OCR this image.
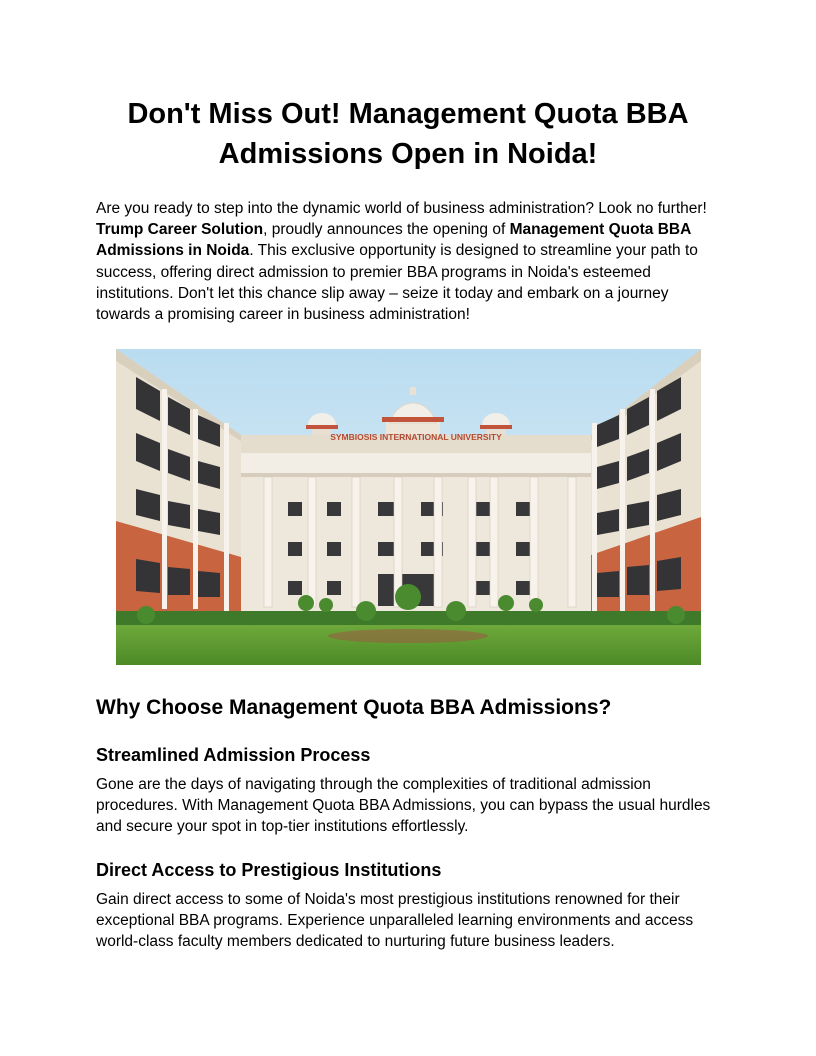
Don't Miss Out! Management Quota BBA Admissions Open in Noida!

Are you ready to step into the dynamic world of business administration? Look no further! Trump Career Solution, proudly announces the opening of Management Quota BBA Admissions in Noida. This exclusive opportunity is designed to streamline your path to success, offering direct admission to premier BBA programs in Noida's esteemed institutions. Don't let this chance slip away – seize it today and embark on a journey towards a promising career in business administration!

SYMBIOSIS INTERNATIONAL UNIVERSITY
Why Choose Management Quota BBA Admissions?
Streamlined Admission Process

Gone are the days of navigating through the complexities of traditional admission procedures. With Management Quota BBA Admissions, you can bypass the usual hurdles and secure your spot in top-tier institutions effortlessly.

Direct Access to Prestigious Institutions

Gain direct access to some of Noida's most prestigious institutions renowned for their exceptional BBA programs. Experience unparalleled learning environments and access world-class faculty members dedicated to nurturing future business leaders.
